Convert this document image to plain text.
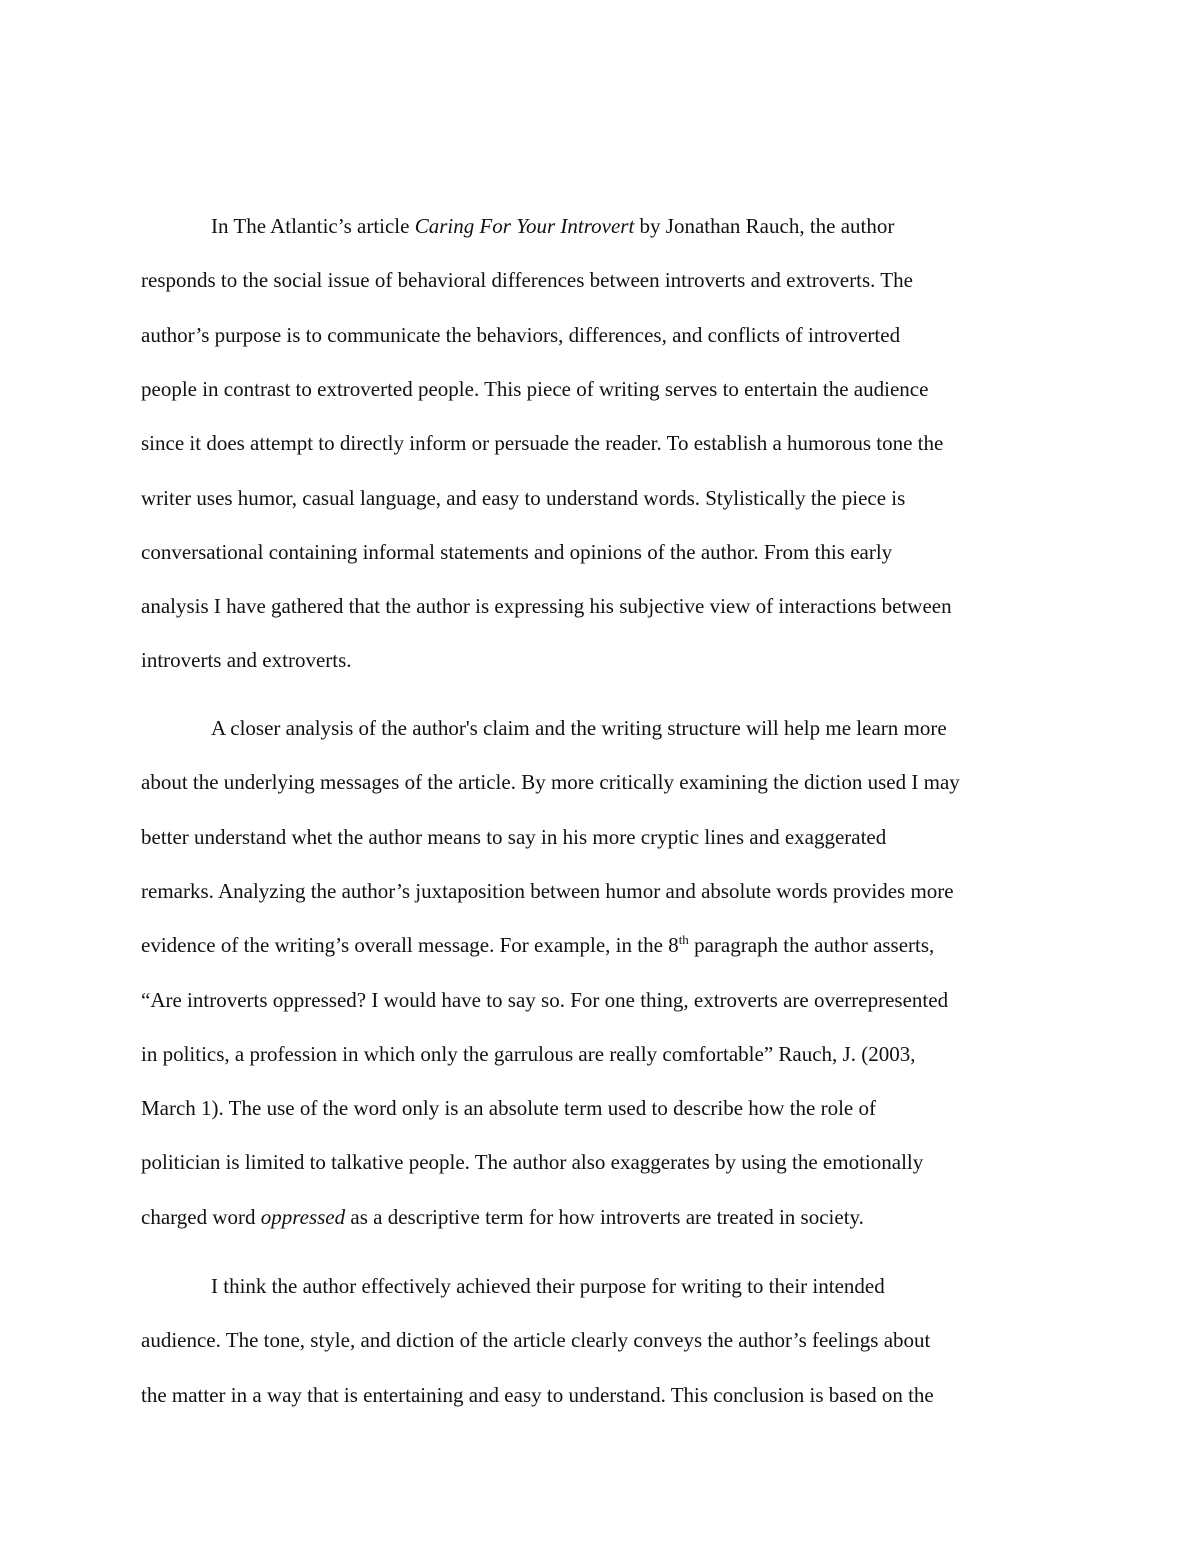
In The Atlantic’s article Caring For Your Introvert by Jonathan Rauch, the author
responds to the social issue of behavioral differences between introverts and extroverts. The
author’s purpose is to communicate the behaviors, differences, and conflicts of introverted
people in contrast to extroverted people. This piece of writing serves to entertain the audience
since it does attempt to directly inform or persuade the reader. To establish a humorous tone the
writer uses humor, casual language, and easy to understand words. Stylistically the piece is
conversational containing informal statements and opinions of the author. From this early
analysis I have gathered that the author is expressing his subjective view of interactions between
introverts and extroverts.
A closer analysis of the author's claim and the writing structure will help me learn more
about the underlying messages of the article. By more critically examining the diction used I may
better understand whet the author means to say in his more cryptic lines and exaggerated
remarks. Analyzing the author’s juxtaposition between humor and absolute words provides more
evidence of the writing’s overall message. For example, in the 8th paragraph the author asserts,
“Are introverts oppressed? I would have to say so. For one thing, extroverts are overrepresented
in politics, a profession in which only the garrulous are really comfortable” Rauch, J. (2003,
March 1). The use of the word only is an absolute term used to describe how the role of
politician is limited to talkative people. The author also exaggerates by using the emotionally
charged word oppressed as a descriptive term for how introverts are treated in society.
I think the author effectively achieved their purpose for writing to their intended
audience. The tone, style, and diction of the article clearly conveys the author’s feelings about
the matter in a way that is entertaining and easy to understand. This conclusion is based on the
